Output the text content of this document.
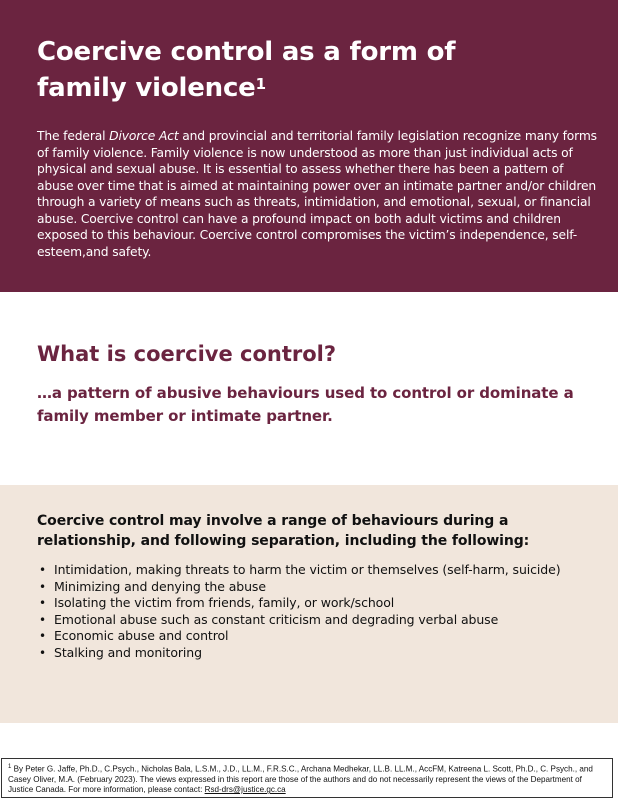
Coercive control as a form of
family violence$^1$

The federal Divorce Act and provincial and territorial family legislation recognize many forms of family violence. Family violence is now understood as more than just individual acts of physical and sexual abuse. It is essential to assess whether there has been a pattern of abuse over time that is aimed at maintaining power over an intimate partner and/or children through a variety of means such as threats, intimidation, and emotional, sexual, or financial abuse. Coercive control can have a profound impact on both adult victims and children exposed to this behaviour. Coercive control compromises the victim’s independence, self-esteem,and safety.

What is coercive control?

…a pattern of abusive behaviours used to control or dominate a family member or intimate partner.

Coercive control may involve a range of behaviours during a relationship, and following separation, including the following:

• Intimidation, making threats to harm the victim or themselves (self-harm, suicide)
• Minimizing and denying the abuse
• Isolating the victim from friends, family, or work/school
• Emotional abuse such as constant criticism and degrading verbal abuse
• Economic abuse and control
• Stalking and monitoring
$^1$ By Peter G. Jaffe, Ph.D., C.Psych., Nicholas Bala, L.S.M., J.D., LL.M., F.R.S.C., Archana Medhekar, LL.B. LL.M., AccFM, Katreena L. Scott, Ph.D., C. Psych., and Casey Oliver, M.A. (February 2023). The views expressed in this report are those of the authors and do not necessarily represent the views of the Department of Justice Canada. For more information, please contact: Rsd-drs@justice.gc.ca
